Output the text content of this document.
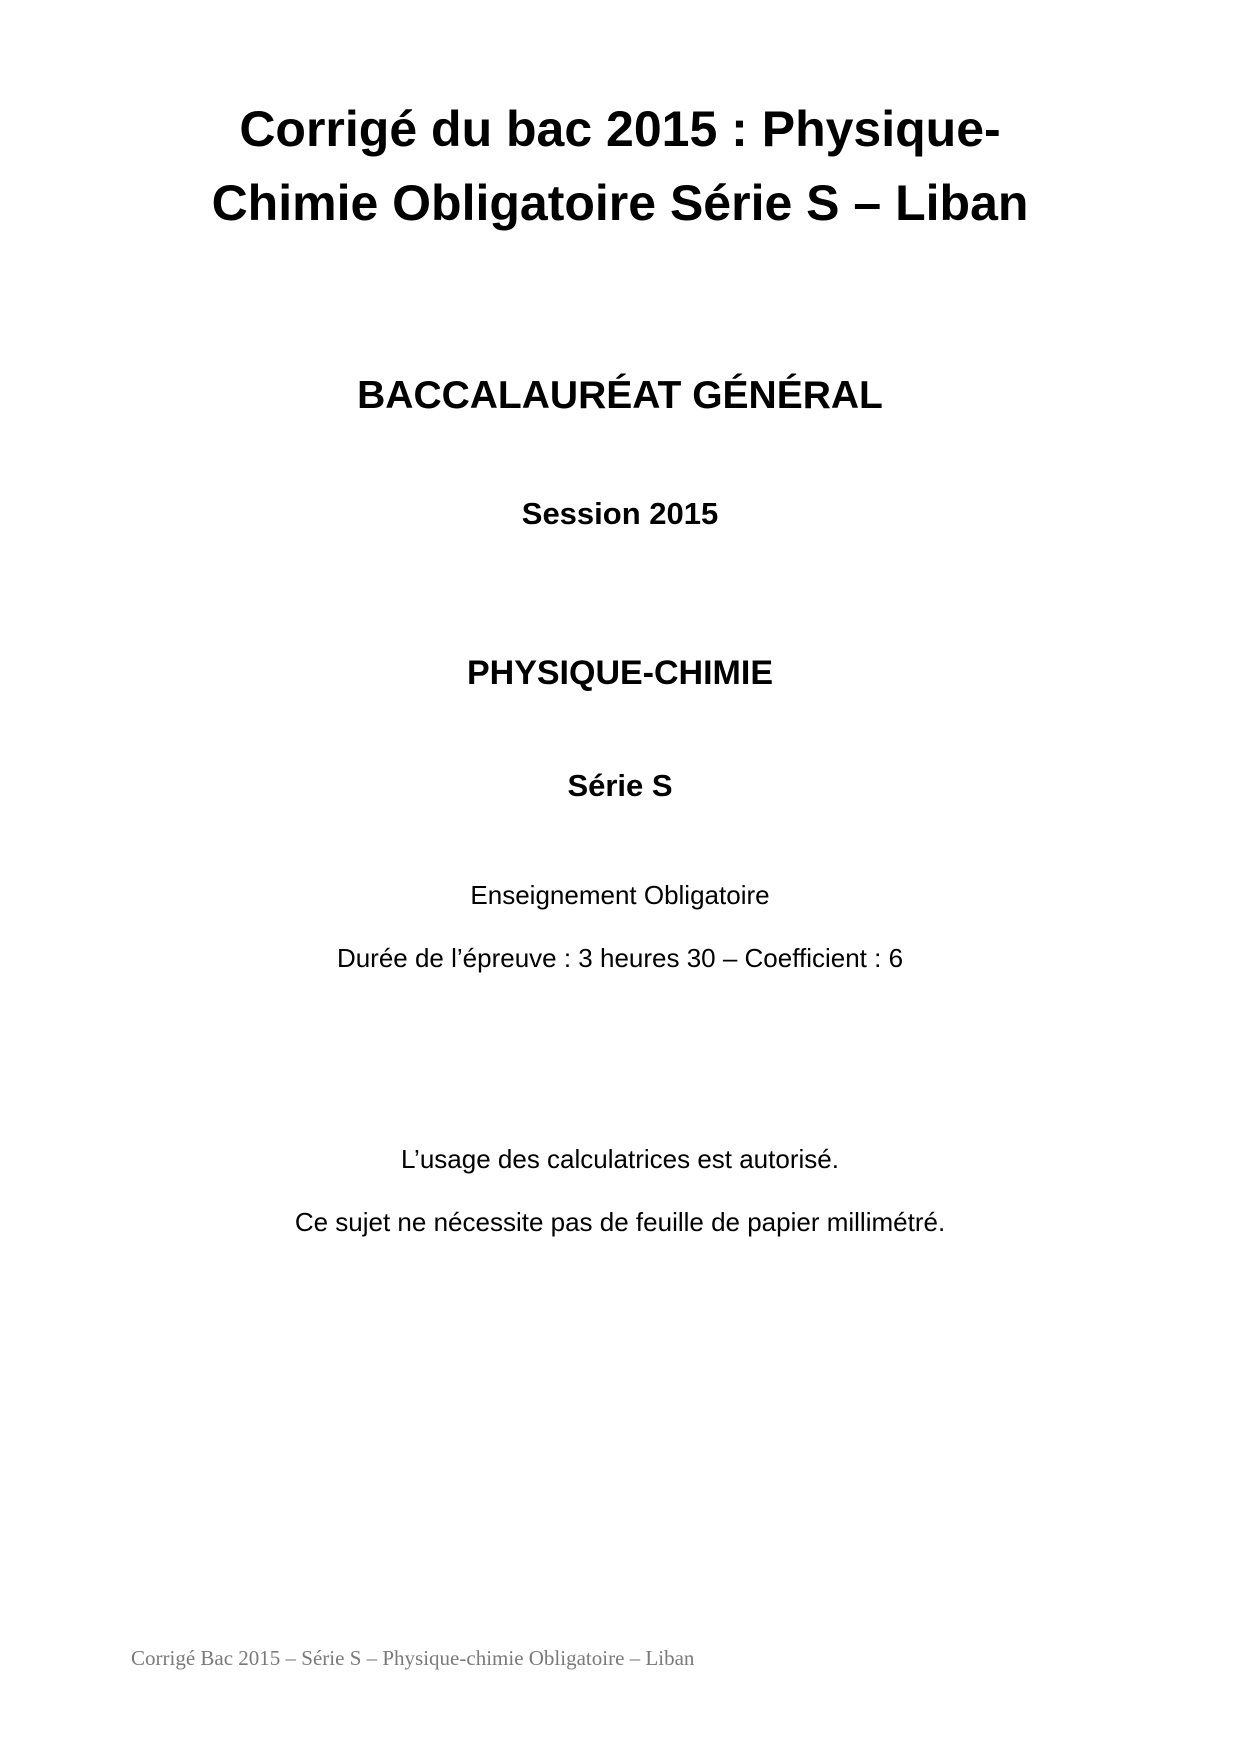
Corrigé du bac 2015 : Physique-
Chimie Obligatoire Série S – Liban
BACCALAURÉAT GÉNÉRAL
Session 2015
PHYSIQUE-CHIMIE
Série S
Enseignement Obligatoire
Durée de l’épreuve : 3 heures 30 – Coefficient : 6
L’usage des calculatrices est autorisé.
Ce sujet ne nécessite pas de feuille de papier millimétré.
Corrigé Bac 2015 – Série S – Physique-chimie Obligatoire – Liban
